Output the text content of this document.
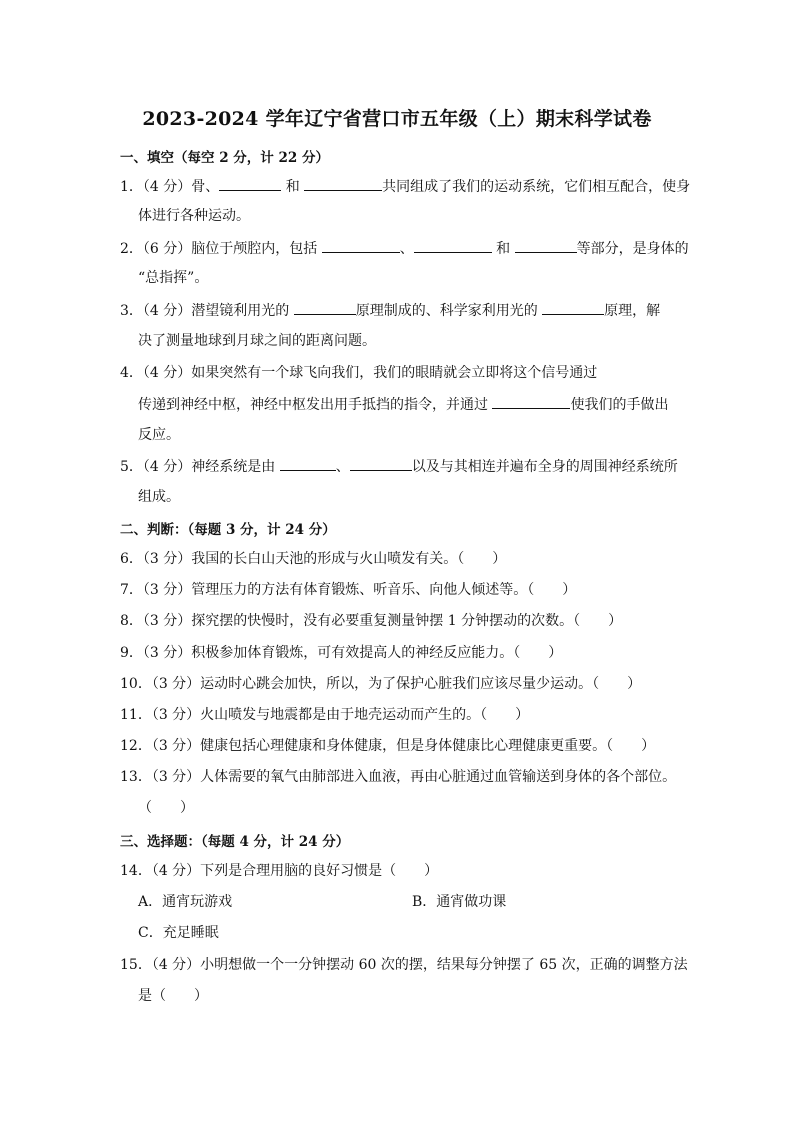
2023-2024 学年辽宁省营口市五年级（上）期末科学试卷
一、填空（每空 2 分，计 22 分）
1．（4 分）骨、	和	共同组成了我们的运动系统，它们相互配合，使身
体进行各种运动。
2．（6 分）脑位于颅腔内，包括	、	和	等部分，是身体的
“总指挥”。
3．（4 分）潜望镜利用光的	原理制成的、科学家利用光的	原理，解
决了测量地球到月球之间的距离问题。
4．（4 分）如果突然有一个球飞向我们，我们的眼睛就会立即将这个信号通过
传递到神经中枢，神经中枢发出用手抵挡的指令，并通过	使我们的手做出
反应。
5．（4 分）神经系统是由	、	以及与其相连并遍布全身的周围神经系统所
组成。
二、判断：（每题 3 分，计 24 分）
6．（3 分）我国的长白山天池的形成与火山喷发有关。（　　）
7．（3 分）管理压力的方法有体育锻炼、听音乐、向他人倾述等。（　　）
8．（3 分）探究摆的快慢时，没有必要重复测量钟摆 1 分钟摆动的次数。（　　）
9．（3 分）积极参加体育锻炼，可有效提高人的神经反应能力。（　　）
10．（3 分）运动时心跳会加快，所以，为了保护心脏我们应该尽量少运动。（　　）
11．（3 分）火山喷发与地震都是由于地壳运动而产生的。（　　）
12．（3 分）健康包括心理健康和身体健康，但是身体健康比心理健康更重要。（　　）
13．（3 分）人体需要的氧气由肺部进入血液，再由心脏通过血管输送到身体的各个部位。
（　　）
三、选择题：（每题 4 分，计 24 分）
14．（4 分）下列是合理用脑的良好习惯是（　　）
A．通宵玩游戏	B．通宵做功课
C．充足睡眠
15．（4 分）小明想做一个一分钟摆动 60 次的摆，结果每分钟摆了 65 次，正确的调整方法
是（　　）
